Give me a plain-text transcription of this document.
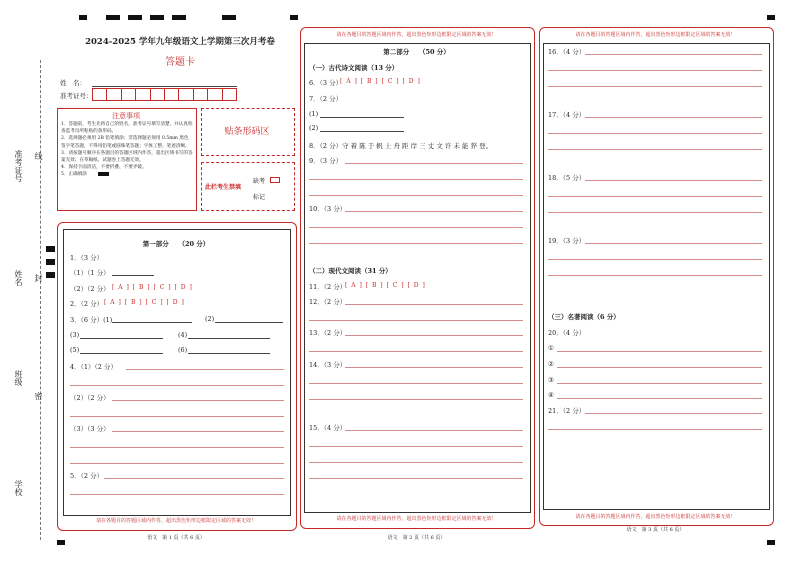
准考证号 线
姓名 封
班级
密
学校
2024-2025 学年九年级语文上学期第三次月考卷
答题卡
姓　名：
准考证号：
注意事项
1．答题前，考生先将自己的姓名，准考证号填写清楚，并认真检查监考员所粘贴的条形码。
2．选择题必须用 2B 铅笔填涂；非选择题必须用 0.5mm 黑色签字笔答题，不得用铅笔或圆珠笔答题；字体工整、笔迹清晰。
3．请按题号顺序在各题目的答题区域内作答，超出区域书写的答案无效；在草稿纸、试题卷上答题无效。
4．保持卡面清洁，不要折叠、不要弄破。
5．正确填涂
贴条形码区
此栏考生禁填
缺考
标记
请在各题目的答题区域内作答，超出黑色矩形边框限定区域的答案无效！
语文　第 1 页（共 6 页）
第一部分　　（20 分）
1．（3 分）
（1）（1 分）
（2）（2 分） [ A ] [ B ] [ C ] [ D ]
2．（2 分） [ A ] [ B ] [ C ] [ D ]
3．（6 分）(1)	(2)
(3)	(4)
(5)	(6)
4．（1）（2 分）
（2）（2 分）
（3）（3 分）
5．（2 分）
请在各题目的答题区域内作答，超出黑色矩形边框限定区域的答案无效！
请在各题目的答题区域内作答，超出黑色矩形边框限定区域的答案无效！
语文　第 2 页（共 6 页）
第二部分　　（50 分）
（一）古代诗文阅读（13 分）
6．（3 分）
[ A ] [ B ] [ C ] [ D ]
7．（2 分）
(1)
(2)
8．（2 分）守 着 陈 于 帆 上 舟 距 岸 三 丈 文 许 未 能 猝 登。
9．（3 分）
10．（3 分）
（二）现代文阅读（31 分）
11．（2 分）
[ A ] [ B ] [ C ] [ D ]
12．（2 分）
13．（2 分）
14．（3 分）
15．（4 分）
请在各题目的答题区域内作答，超出黑色矩形边框限定区域的答案无效！
请在各题目的答题区域内作答，超出黑色矩形边框限定区域的答案无效！
语文　第 3 页（共 6 页）
16．（4 分）
17．（4 分）
18．（5 分）
19．（3 分）
（三）名著阅读（6 分）
20．（4 分）
①
②
③
④
21．（2 分）
